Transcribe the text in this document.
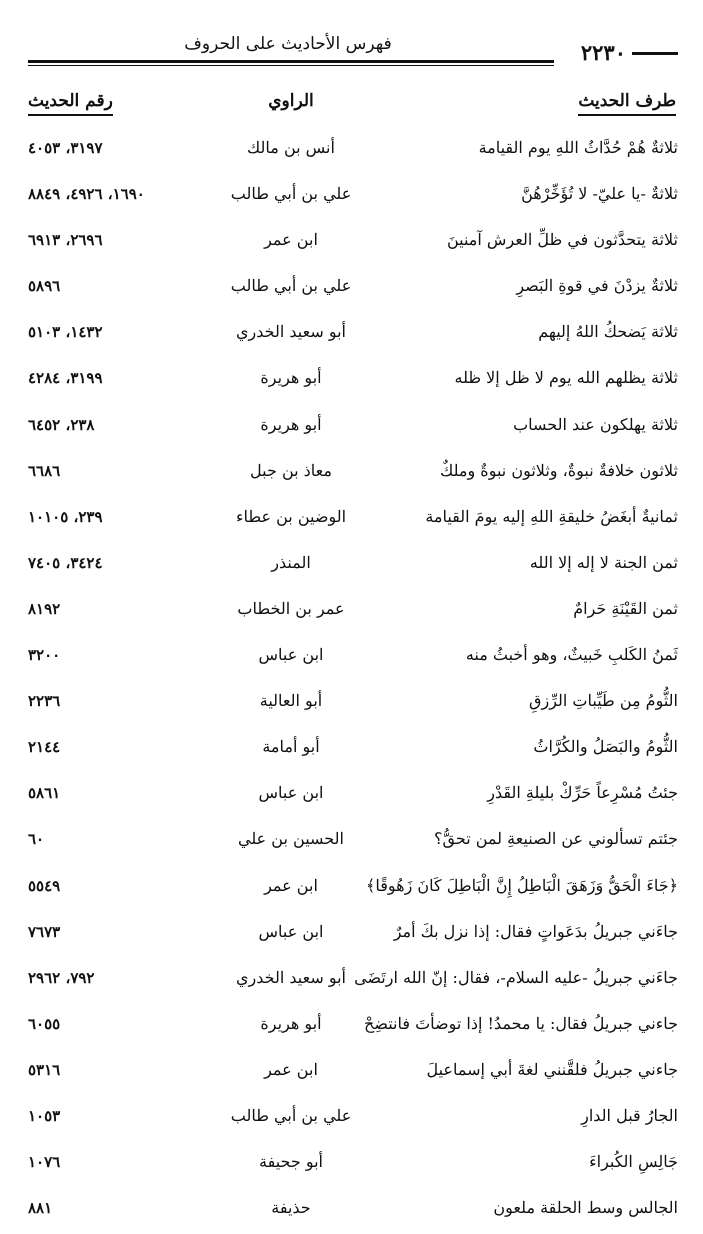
٢٢٣٠
فهرس الأحاديث على الحروف
طرف الحديث
الراوي
رقم الحديث
ثلاثةٌ هُمْ حُدَّاثُ اللهِ يوم القيامة
أنس بن مالك
٣١٩٧، ٤٠٥٣
ثلاثةٌ -يا عليّ- لا تُؤَخِّرْهُنَّ
علي بن أبي طالب
١٦٩٠، ٤٩٢٦، ٨٨٤٩
ثلاثة يتحدَّثون في ظلِّ العرش آمنينَ
ابن عمر
٢٦٩٦، ٦٩١٣
ثلاثةٌ يزدْنَ في قوةِ البَصرِ
علي بن أبي طالب
٥٨٩٦
ثلاثة يَضحكُ اللهُ إليهم
أبو سعيد الخدري
١٤٣٢، ٥١٠٣
ثلاثة يظلهم الله يوم لا ظل إلا ظله
أبو هريرة
٣١٩٩، ٤٢٨٤
ثلاثة يهلكون عند الحساب
أبو هريرة
٢٣٨، ٦٤٥٢
ثلاثون خلافةٌ نبوةٌ، وثلاثون نبوةٌ وملكٌ
معاذ بن جبل
٦٦٨٦
ثمانيةٌ أبغَضُ خليقةِ اللهِ إليه يومَ القيامة
الوضين بن عطاء
٢٣٩، ١٠١٠٥
ثمن الجنة لا إله إلا الله
المنذر
٣٤٢٤، ٧٤٠٥
ثمن القَيْنَةِ حَرامٌ
عمر بن الخطاب
٨١٩٢
ثَمنُ الكَلبِ خَبيثٌ، وهو أخبثُ منه
ابن عباس
٣٢٠٠
الثُّومُ مِن طَيِّباتِ الرِّزقِ
أبو العالية
٢٢٣٦
الثُّومُ والبَصَلُ والكُرَّاثُ
أبو أمامة
٢١٤٤
جئتُ مُسْرِعاً حَرِّكْ بليلةِ القَدْرِ
ابن عباس
٥٨٦١
جئتم تسألوني عن الصنيعةِ لمن تحقُّ؟
الحسين بن علي
٦٠
﴿جَاءَ الْحَقُّ وَزَهَقَ الْبَاطِلُ إِنَّ الْبَاطِلَ كَانَ زَهُوقًا﴾
ابن عمر
٥٥٤٩
جاءَني جبريلُ بدَعَواتٍ فقال: إذا نزل بكَ أمرٌ
ابن عباس
٧٦٧٣
جاءَني جبريلُ -عليه السلام-، فقال: إنّ الله ارتَضَى
أبو سعيد الخدري
٧٩٢، ٢٩٦٢
جاءني جبريلُ فقال: يا محمدُ! إذا توضأتَ فانتضِحْ
أبو هريرة
٦٠٥٥
جاءني جبريلُ فلقَّنني لغةَ أبي إسماعيلَ
ابن عمر
٥٣١٦
الجارُ قبل الدارِ
علي بن أبي طالب
١٠٥٣
جَالِسِ الكُبراءَ
أبو جحيفة
١٠٧٦
الجالس وسط الحلقة ملعون
حذيفة
٨٨١
